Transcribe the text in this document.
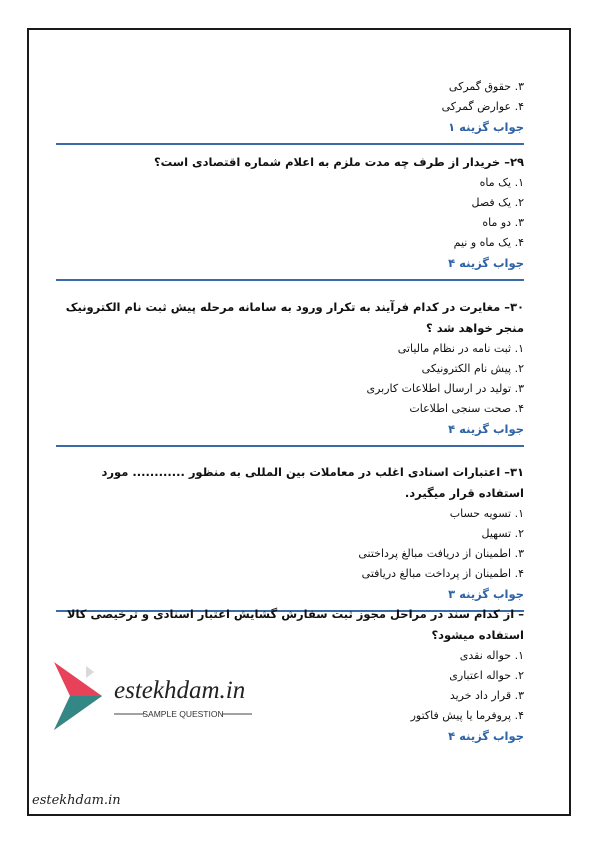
۳. حقوق گمرکی
۴. عوارض گمرکی
جواب گزینه ۱
۲۹– خریدار از طرف چه مدت ملزم به اعلام شماره اقتصادی است؟
۱. یک ماه
۲. یک فصل
۳. دو ماه
۴. یک ماه و نیم
جواب گزینه ۴
۳۰– مغایرت در کدام فرآیند به تکرار ورود به سامانه مرحله پیش ثبت نام الکترونیک منجر خواهد شد ؟
۱. ثبت نامه در نظام مالیاتی
۲. پیش نام الکترونیکی
۳. تولید در ارسال اطلاعات کاربری
۴. صحت سنجی اطلاعات
جواب گزینه ۴
۳۱– اعتبارات اسنادی اغلب در معاملات بین المللی به منظور ............ مورد استفاده قرار میگیرد.
۱. تسویه حساب
۲. تسهیل
۳. اطمینان از دریافت مبالغ پرداختنی
۴. اطمینان از پرداخت مبالغ دریافتی
جواب گزینه ۳
– از کدام سند در مراحل مجوز ثبت سفارش گشایش اعتبار اسنادی و ترخیصی کالا استفاده میشود؟
۱. حواله نقدی
۲. حواله اعتباری
۳. قرار داد خرید
۴. پروفرما یا پیش فاکتور
جواب گزینه ۴
estekhdam.in
SAMPLE QUESTION
estekhdam.in
